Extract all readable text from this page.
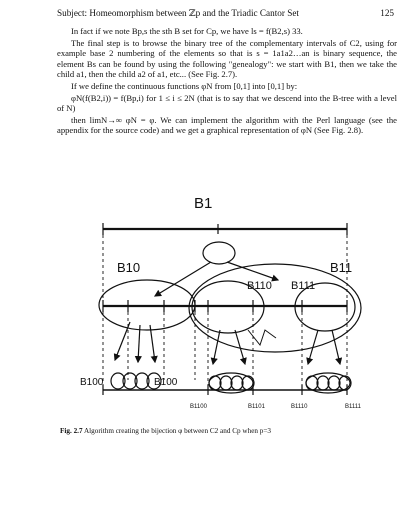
Subject: Homeomorphism between ℤp and the Triadic Cantor Set	125

In fact if we note Bp,s the sth B set for Cp, we have ls = f(B2,s) 33.

The final step is to browse the binary tree of the complementary intervals of C2, using for example base 2 numbering of the elements so that is s = 1a1a2…an is binary sequence, the element Bs can be found by using the following "genealogy": we start with B1, then we take the child a1, then the child a2 of a1, etc... (See Fig. 2.7).

If we define the continuous functions φN from [0,1] into [0,1] by:

φN(f(B2,i)) = f(Bp,i) for 1 ≤ i ≤ 2N (that is to say that we descend into the B-tree with a level of N)

then limN→∞ φN = φ. We can implement the algorithm with the Perl language (see the appendix for the source code) and we get a graphical representation of φN (See Fig. 2.8).

B1
B10	B11
B110 B111
B100	B100
B1100	B1101	B1110	B1111
Fig. 2.7 Algorithm creating the bijection φ between C2 and Cp when p=3
